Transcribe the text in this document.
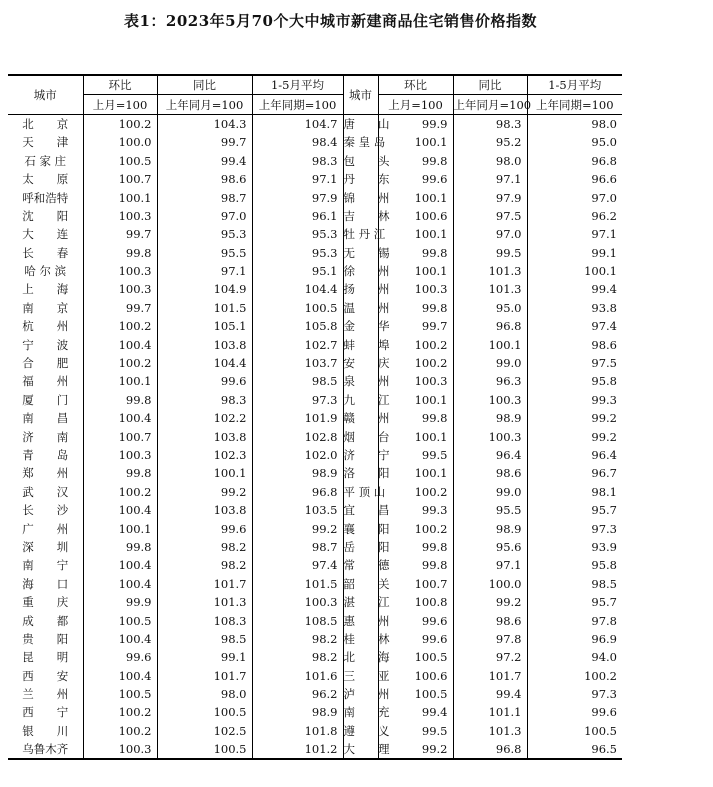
表1：2023年5月70个大中城市新建商品住宅销售价格指数
城市	环比	同比	1-5月平均	城市	环比	同比	1-5月平均
	上月=100	上年同月=100	上年同期=100		上月=100	上年同月=100	上年同期=100
北　　京	100.2	104.3	104.7	唐　　山	99.9	98.3	98.0
天　　津	100.0	99.7	98.4	秦 皇 岛	100.1	95.2	95.0
石 家 庄	100.5	99.4	98.3	包　　头	99.8	98.0	96.8
太　　原	100.7	98.6	97.1	丹　　东	99.6	97.1	96.6
呼和浩特	100.1	98.7	97.9	锦　　州	100.1	97.9	97.0
沈　　阳	100.3	97.0	96.1	吉　　林	100.6	97.5	96.2
大　　连	99.7	95.3	95.3	牡 丹 江	100.1	97.0	97.1
长　　春	99.8	95.5	95.3	无　　锡	99.8	99.5	99.1
哈 尔 滨	100.3	97.1	95.1	徐　　州	100.1	101.3	100.1
上　　海	100.3	104.9	104.4	扬　　州	100.3	101.3	99.4
南　　京	99.7	101.5	100.5	温　　州	99.8	95.0	93.8
杭　　州	100.2	105.1	105.8	金　　华	99.7	96.8	97.4
宁　　波	100.4	103.8	102.7	蚌　　埠	100.2	100.1	98.6
合　　肥	100.2	104.4	103.7	安　　庆	100.2	99.0	97.5
福　　州	100.1	99.6	98.5	泉　　州	100.3	96.3	95.8
厦　　门	99.8	98.3	97.3	九　　江	100.1	100.3	99.3
南　　昌	100.4	102.2	101.9	赣　　州	99.8	98.9	99.2
济　　南	100.7	103.8	102.8	烟　　台	100.1	100.3	99.2
青　　岛	100.3	102.3	102.0	济　　宁	99.5	96.4	96.4
郑　　州	99.8	100.1	98.9	洛　　阳	100.1	98.6	96.7
武　　汉	100.2	99.2	96.8	平 顶 山	100.2	99.0	98.1
长　　沙	100.4	103.8	103.5	宜　　昌	99.3	95.5	95.7
广　　州	100.1	99.6	99.2	襄　　阳	100.2	98.9	97.3
深　　圳	99.8	98.2	98.7	岳　　阳	99.8	95.6	93.9
南　　宁	100.4	98.2	97.4	常　　德	99.8	97.1	95.8
海　　口	100.4	101.7	101.5	韶　　关	100.7	100.0	98.5
重　　庆	99.9	101.3	100.3	湛　　江	100.8	99.2	95.7
成　　都	100.5	108.3	108.5	惠　　州	99.6	98.6	97.8
贵　　阳	100.4	98.5	98.2	桂　　林	99.6	97.8	96.9
昆　　明	99.6	99.1	98.2	北　　海	100.5	97.2	94.0
西　　安	100.4	101.7	101.6	三　　亚	100.6	101.7	100.2
兰　　州	100.5	98.0	96.2	泸　　州	100.5	99.4	97.3
西　　宁	100.2	100.5	98.9	南　　充	99.4	101.1	99.6
银　　川	100.2	102.5	101.8	遵　　义	99.5	101.3	100.5
乌鲁木齐	100.3	100.5	101.2	大　　理	99.2	96.8	96.5
